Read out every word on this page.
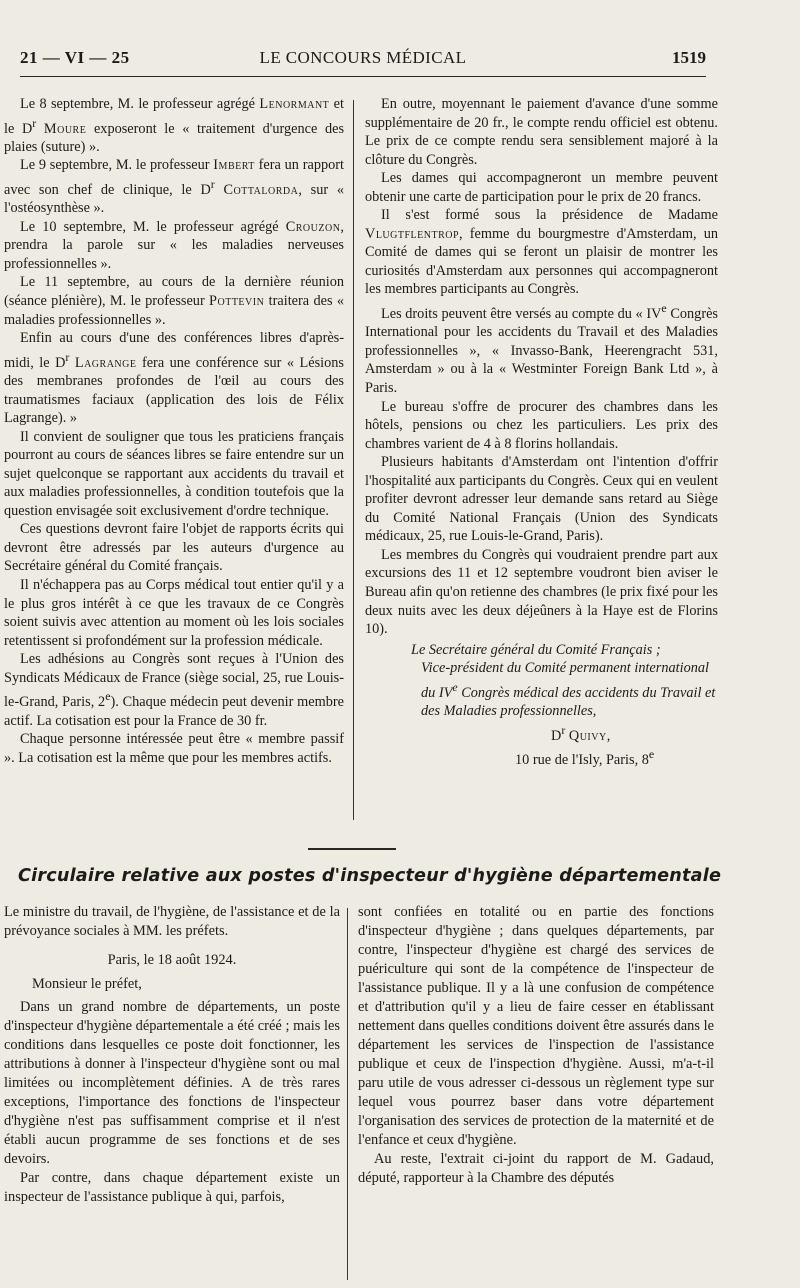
21 — VI — 25	LE CONCOURS MÉDICAL	1519

Le 8 septembre, M. le professeur agrégé Lenormant et le $D^r$ Moure exposeront le « traitement d'urgence des plaies (suture) ».

Le 9 septembre, M. le professeur Imbert fera un rapport avec son chef de clinique, le $D^r$ Cottalorda, sur « l'ostéosynthèse ».

Le 10 septembre, M. le professeur agrégé Crouzon, prendra la parole sur « les maladies nerveuses professionnelles ».

Le 11 septembre, au cours de la dernière réunion (séance plénière), M. le professeur Pottevin traitera des « maladies professionnelles ».

Enfin au cours d'une des conférences libres d'après-midi, le $D^r$ Lagrange fera une conférence sur « Lésions des membranes profondes de l'œil au cours des traumatismes faciaux (application des lois de Félix Lagrange). »

Il convient de souligner que tous les praticiens français pourront au cours de séances libres se faire entendre sur un sujet quelconque se rapportant aux accidents du travail et aux maladies professionnelles, à condition toutefois que la question envisagée soit exclusivement d'ordre technique.

Ces questions devront faire l'objet de rapports écrits qui devront être adressés par les auteurs d'urgence au Secrétaire général du Comité français.

Il n'échappera pas au Corps médical tout entier qu'il y a le plus gros intérêt à ce que les travaux de ce Congrès soient suivis avec attention au moment où les lois sociales retentissent si profondément sur la profession médicale.

Les adhésions au Congrès sont reçues à l'Union des Syndicats Médicaux de France (siège social, 25, rue Louis-le-Grand, Paris, 2e). Chaque médecin peut devenir membre actif. La cotisation est pour la France de 30 fr.

Chaque personne intéressée peut être « membre passif ». La cotisation est la même que pour les membres actifs.

En outre, moyennant le paiement d'avance d'une somme supplémentaire de 20 fr., le compte rendu officiel est obtenu. Le prix de ce compte rendu sera sensiblement majoré à la clôture du Congrès.

Les dames qui accompagneront un membre peuvent obtenir une carte de participation pour le prix de 20 francs.

Il s'est formé sous la présidence de Madame Vlugtflentrop, femme du bourgmestre d'Amsterdam, un Comité de dames qui se feront un plaisir de montrer les curiosités d'Amsterdam aux personnes qui accompagneront les membres participants au Congrès.

Les droits peuvent être versés au compte du « IVe Congrès International pour les accidents du Travail et des Maladies professionnelles », « Invasso-Bank, Heerengracht 531, Amsterdam » ou à la « Westminter Foreign Bank Ltd », à Paris.

Le bureau s'offre de procurer des chambres dans les hôtels, pensions ou chez les particuliers. Les prix des chambres varient de 4 à 8 florins hollandais.

Plusieurs habitants d'Amsterdam ont l'intention d'offrir l'hospitalité aux participants du Congrès. Ceux qui en veulent profiter devront adresser leur demande sans retard au Siège du Comité National Français (Union des Syndicats médicaux, 25, rue Louis-le-Grand, Paris).

Les membres du Congrès qui voudraient prendre part aux excursions des 11 et 12 septembre voudront bien aviser le Bureau afin qu'on retienne des chambres (le prix fixé pour les deux nuits avec les deux déjeûners à la Haye est de Florins 10).

Le Secrétaire général du Comité Français ;

Vice-président du Comité permanent international du IVe Congrès médical des accidents du Travail et des Maladies professionnelles,

$D^r$ Quivy,

10 rue de l'Isly, Paris, 8e

Circulaire relative aux postes d'inspecteur d'hygiène départementale

Le ministre du travail, de l'hygiène, de l'assistance et de la prévoyance sociales à MM. les préfets.

Paris, le 18 août 1924.

Monsieur le préfet,

Dans un grand nombre de départements, un poste d'inspecteur d'hygiène départementale a été créé ; mais les conditions dans lesquelles ce poste doit fonctionner, les attributions à donner à l'inspecteur d'hygiène sont ou mal limitées ou incomplètement définies. A de très rares exceptions, l'importance des fonctions de l'inspecteur d'hygiène n'est pas suffisamment comprise et il n'est établi aucun programme de ses fonctions et de ses devoirs.

Par contre, dans chaque département existe un inspecteur de l'assistance publique à qui, parfois,

sont confiées en totalité ou en partie des fonctions d'inspecteur d'hygiène ; dans quelques départements, par contre, l'inspecteur d'hygiène est chargé des services de puériculture qui sont de la compétence de l'inspecteur de l'assistance publique. Il y a là une confusion de compétence et d'attribution qu'il y a lieu de faire cesser en établissant nettement dans quelles conditions doivent être assurés dans le département les services de l'inspection de l'assistance publique et ceux de l'inspection d'hygiène. Aussi, m'a-t-il paru utile de vous adresser ci-dessous un règlement type sur lequel vous pourrez baser dans votre département l'organisation des services de protection de la maternité et de l'enfance et ceux d'hygiène.

Au reste, l'extrait ci-joint du rapport de M. Gadaud, député, rapporteur à la Chambre des députés
